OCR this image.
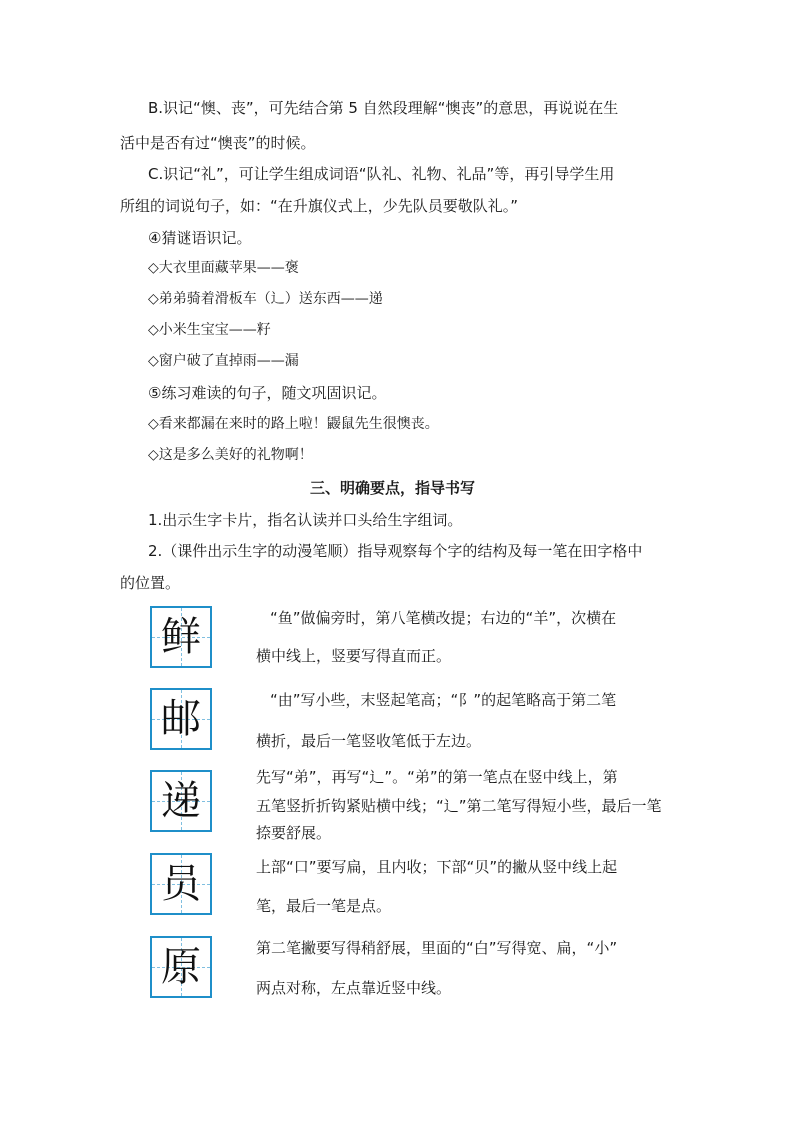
B.识记“懊、丧”，可先结合第 5 自然段理解“懊丧”的意思，再说说在生
活中是否有过“懊丧”的时候。
C.识记“礼”，可让学生组成词语“队礼、礼物、礼品”等，再引导学生用
所组的词说句子，如：“在升旗仪式上，少先队员要敬队礼。”
④猜谜语识记。
◇大衣里面藏苹果——褒
◇弟弟骑着滑板车（辶）送东西——递
◇小米生宝宝——籽
◇窗户破了直掉雨——漏
⑤练习难读的句子，随文巩固识记。
◇看来都漏在来时的路上啦！鼹鼠先生很懊丧。
◇这是多么美好的礼物啊！
三、明确要点，指导书写
1.出示生字卡片，指名认读并口头给生字组词。
2.（课件出示生字的动漫笔顺）指导观察每个字的结构及每一笔在田字格中
的位置。
鲜	“鱼”做偏旁时，第八笔横改提；右边的“羊”，次横在
横中线上，竖要写得直而正。
邮	“由”写小些，末竖起笔高；“阝”的起笔略高于第二笔
横折，最后一笔竖收笔低于左边。
递
先写“弟”，再写“辶”。“弟”的第一笔点在竖中线上，第
五笔竖折折钩紧贴横中线；“辶”第二笔写得短小些，最后一笔
捺要舒展。
员	上部“口”要写扁，且内收；下部“贝”的撇从竖中线上起
笔，最后一笔是点。
原	第二笔撇要写得稍舒展，里面的“白”写得宽、扁，“小”
两点对称，左点靠近竖中线。
